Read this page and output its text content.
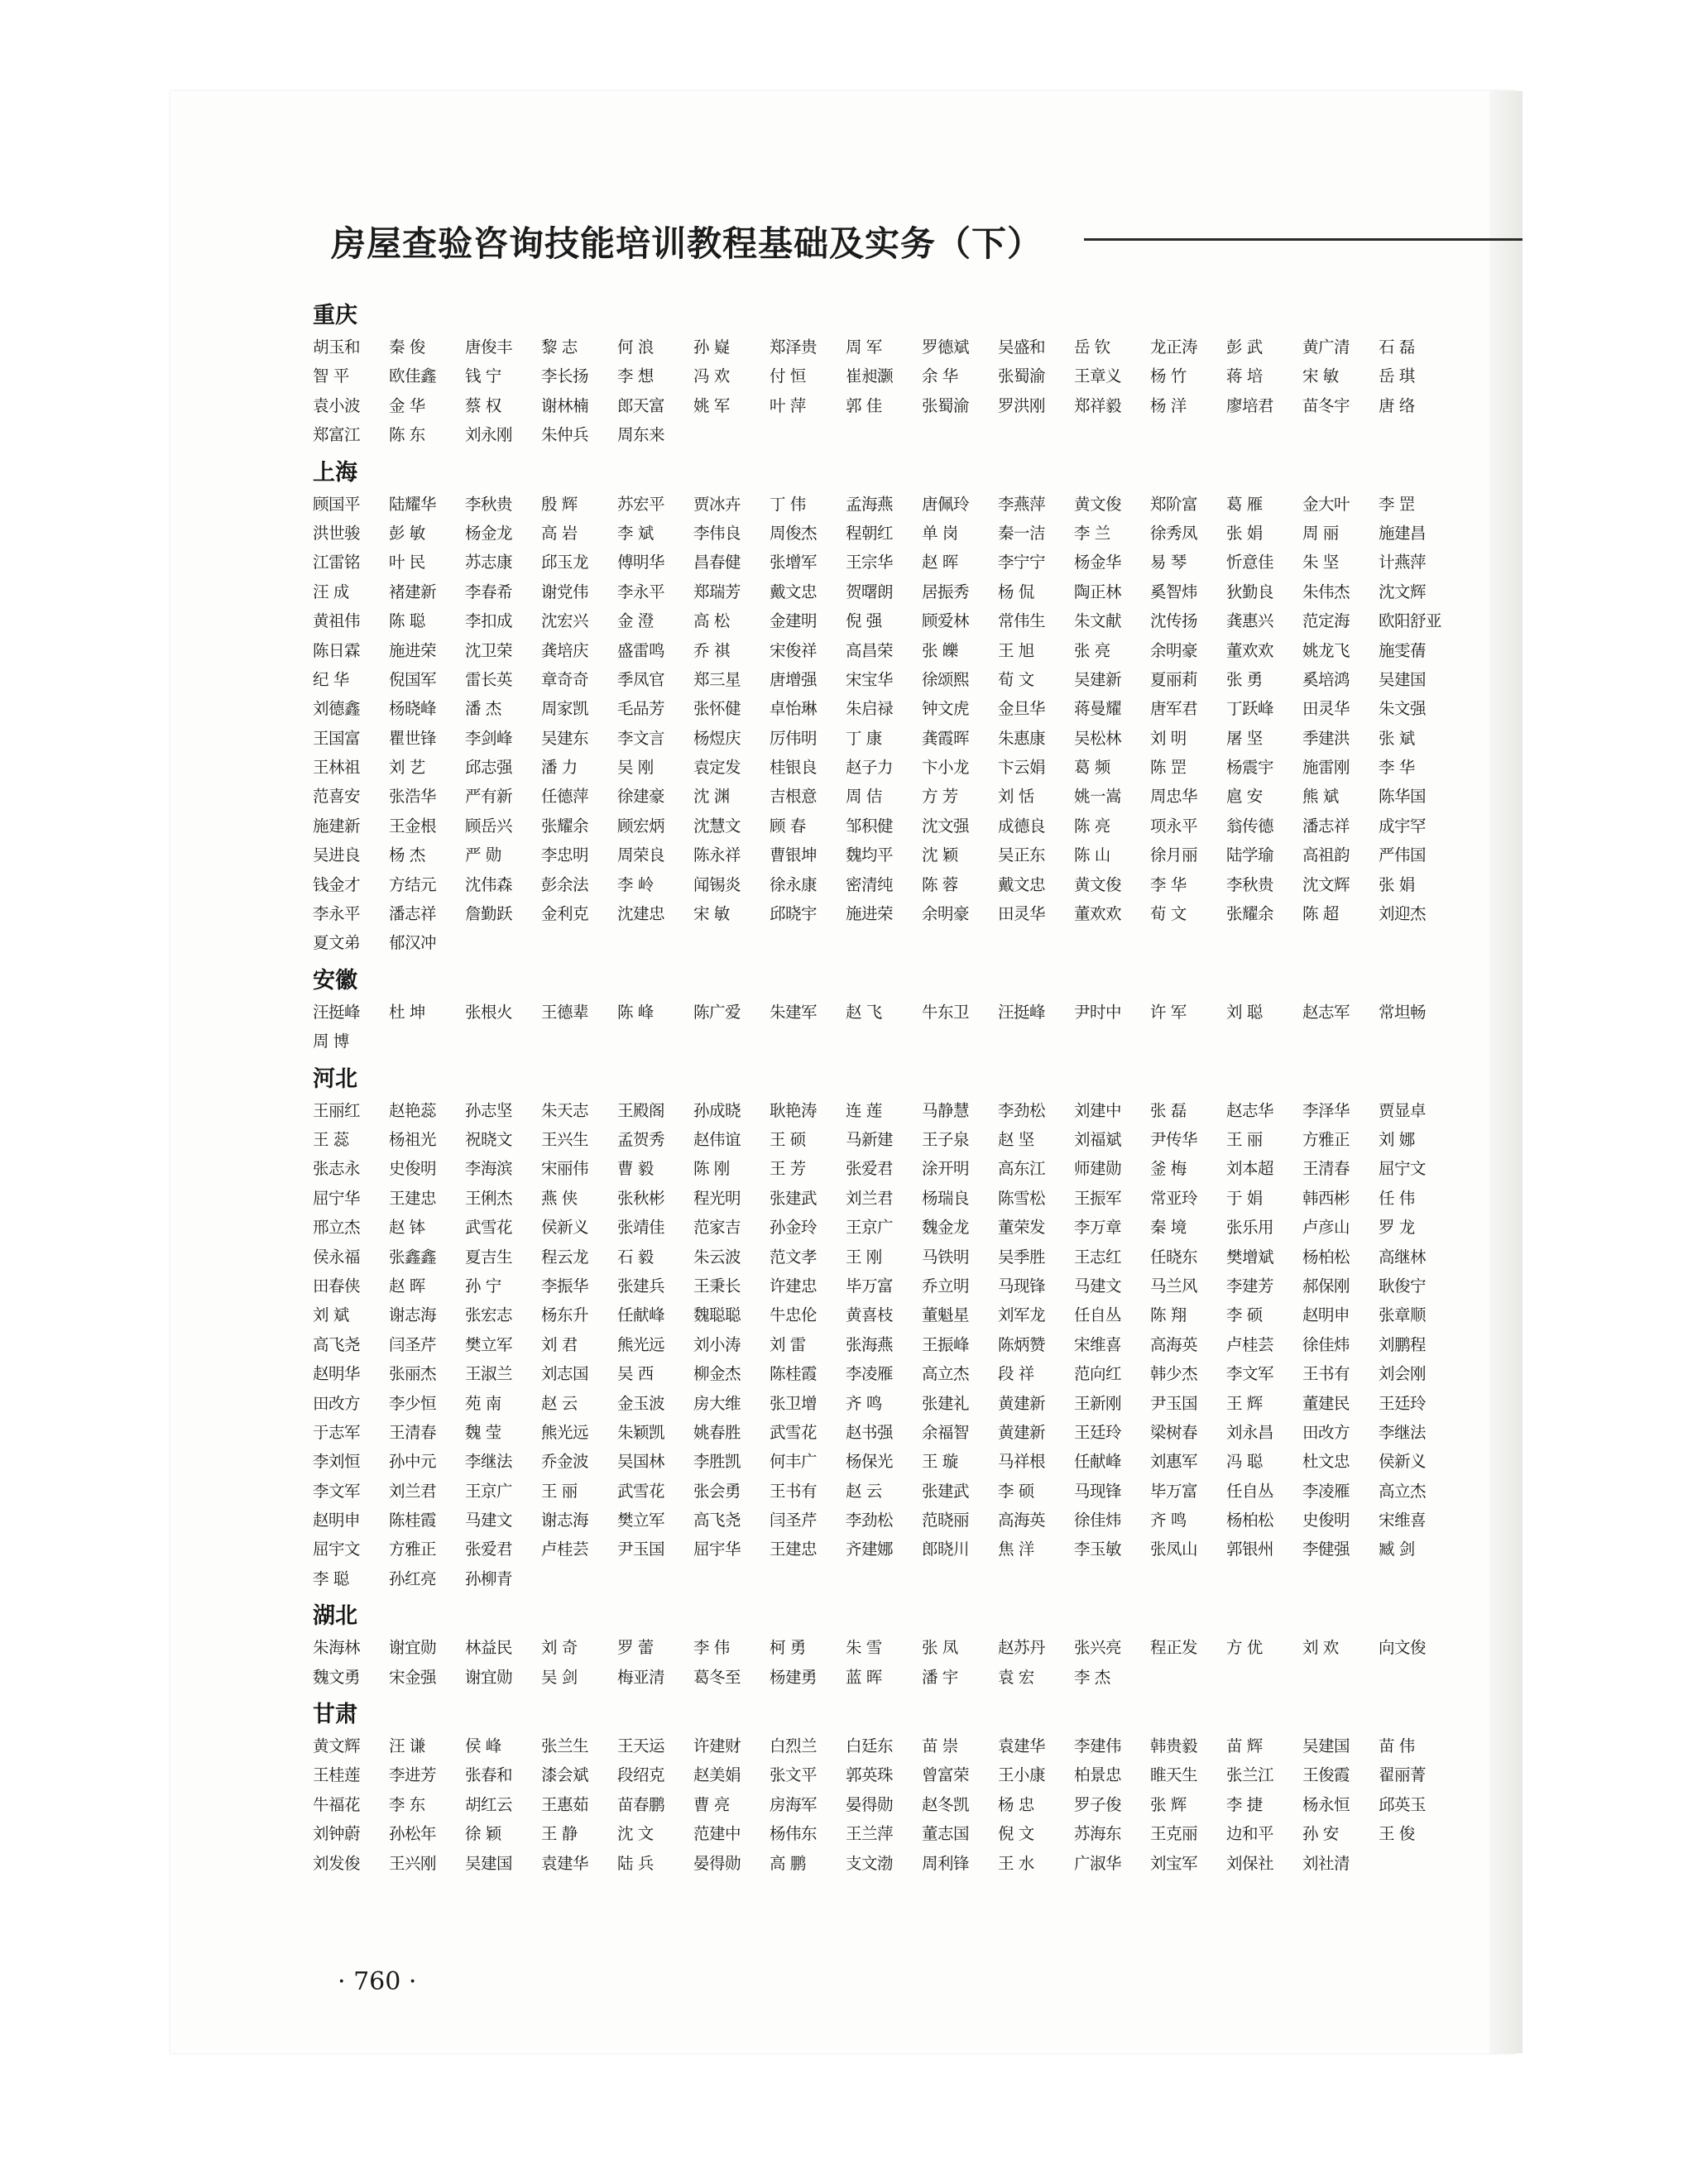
房屋查验咨询技能培训教程基础及实务（下）
重庆
胡玉和	秦 俊	唐俊丰	黎 志	何 浪	孙 嶷	郑泽贵	周 军	罗德斌	吴盛和	岳 钦	龙正涛	彭 武	黄广清	石 磊
智 平	欧佳鑫	钱 宁	李长扬	李 想	冯 欢	付 恒	崔昶灏	余 华	张蜀渝	王章义	杨 竹	蒋 培	宋 敏	岳 琪
袁小波	金 华	蔡 权	谢林楠	郎天富	姚 军	叶 萍	郭 佳	张蜀渝	罗洪刚	郑祥毅	杨 洋	廖培君	苗冬宇	唐 络
郑富江	陈 东	刘永刚	朱仲兵	周东来
上海
顾国平	陆耀华	李秋贵	殷 辉	苏宏平	贾冰卉	丁 伟	孟海燕	唐佩玲	李燕萍	黄文俊	郑阶富	葛 雁	金大叶	李 罡
洪世骏	彭 敏	杨金龙	高 岩	李 斌	李伟良	周俊杰	程朝红	单 岗	秦一洁	李 兰	徐秀凤	张 娟	周 丽	施建昌
江雷铭	叶 民	苏志康	邱玉龙	傅明华	昌春健	张增军	王宗华	赵 晖	李宁宁	杨金华	易 琴	忻意佳	朱 坚	计燕萍
汪 成	褚建新	李春希	谢党伟	李永平	郑瑞芳	戴文忠	贺曙朗	居振秀	杨 侃	陶正林	奚智炜	狄勤良	朱伟杰	沈文辉
黄祖伟	陈 聪	李扣成	沈宏兴	金 澄	高 松	金建明	倪 强	顾爱林	常伟生	朱文献	沈传扬	龚惠兴	范定海	欧阳舒亚
陈日霖	施进荣	沈卫荣	龚培庆	盛雷鸣	乔 祺	宋俊祥	高昌荣	张 皪	王 旭	张 亮	余明豪	董欢欢	姚龙飞	施雯蒨
纪 华	倪国军	雷长英	章奇奇	季凤官	郑三星	唐增强	宋宝华	徐颂熙	荀 文	吴建新	夏丽莉	张 勇	奚培鸿	吴建国
刘德鑫	杨晓峰	潘 杰	周家凯	毛品芳	张怀健	卓怡琳	朱启禄	钟文虎	金旦华	蒋曼耀	唐军君	丁跃峰	田灵华	朱文强
王国富	瞿世锋	李剑峰	吴建东	李文言	杨煜庆	厉伟明	丁 康	龚霞晖	朱惠康	吴松林	刘 明	屠 坚	季建洪	张 斌
王林祖	刘 艺	邱志强	潘 力	吴 刚	袁定发	桂银良	赵子力	卞小龙	卞云娟	葛 频	陈 罡	杨震宇	施雷刚	李 华
范喜安	张浩华	严有新	任德萍	徐建豪	沈 渊	吉根意	周 佶	方 芳	刘 恬	姚一嵩	周忠华	扈 安	熊 斌	陈华国
施建新	王金根	顾岳兴	张耀余	顾宏炳	沈慧文	顾 春	邹积健	沈文强	成德良	陈 亮	项永平	翁传德	潘志祥	成宇罕
吴进良	杨 杰	严 勋	李忠明	周荣良	陈永祥	曹银坤	魏均平	沈 颖	吴正东	陈 山	徐月丽	陆学瑜	高祖韵	严伟国
钱金才	方结元	沈伟森	彭余法	李 岭	闻锡炎	徐永康	密清纯	陈 蓉	戴文忠	黄文俊	李 华	李秋贵	沈文辉	张 娟
李永平	潘志祥	詹勤跃	金利克	沈建忠	宋 敏	邱晓宇	施进荣	余明豪	田灵华	董欢欢	荀 文	张耀余	陈 超	刘迎杰
夏文弟	郁汉冲
安徽
汪挺峰	杜 坤	张根火	王德辈	陈 峰	陈广爱	朱建军	赵 飞	牛东卫	汪挺峰	尹时中	许 军	刘 聪	赵志军	常坦畅
周 博
河北
王丽红	赵艳蕊	孙志坚	朱天志	王殿阁	孙成晓	耿艳涛	连 莲	马静慧	李劲松	刘建中	张 磊	赵志华	李泽华	贾显卓
王 蕊	杨祖光	祝晓文	王兴生	孟贺秀	赵伟谊	王 硕	马新建	王子泉	赵 坚	刘福斌	尹传华	王 丽	方雅正	刘 娜
张志永	史俊明	李海滨	宋丽伟	曹 毅	陈 刚	王 芳	张爱君	涂开明	高东江	师建勋	釜 梅	刘本超	王清春	屈宁文
屈宁华	王建忠	王俐杰	燕 侠	张秋彬	程光明	张建武	刘兰君	杨瑞良	陈雪松	王振军	常亚玲	于 娟	韩西彬	任 伟
邢立杰	赵 钵	武雪花	侯新义	张靖佳	范家吉	孙金玲	王京广	魏金龙	董荣发	李万章	秦 境	张乐用	卢彦山	罗 龙
侯永福	张鑫鑫	夏吉生	程云龙	石 毅	朱云波	范文孝	王 刚	马铁明	吴季胜	王志红	任晓东	樊增斌	杨柏松	高继林
田春侠	赵 晖	孙 宁	李振华	张建兵	王秉长	许建忠	毕万富	乔立明	马现锋	马建文	马兰风	李建芳	郝保刚	耿俊宁
刘 斌	谢志海	张宏志	杨东升	任献峰	魏聪聪	牛忠伦	黄喜枝	董魁星	刘军龙	任自丛	陈 翔	李 硕	赵明申	张章顺
高飞尧	闫圣芹	樊立军	刘 君	熊光远	刘小涛	刘 雷	张海燕	王振峰	陈炳赞	宋维喜	高海英	卢桂芸	徐佳炜	刘鹏程
赵明华	张丽杰	王淑兰	刘志国	吴 西	柳金杰	陈桂霞	李凌雁	高立杰	段 祥	范向红	韩少杰	李文军	王书有	刘会刚
田改方	李少恒	苑 南	赵 云	金玉波	房大维	张卫增	齐 鸣	张建礼	黄建新	王新刚	尹玉国	王 辉	董建民	王廷玲
于志军	王清春	魏 莹	熊光远	朱颖凯	姚春胜	武雪花	赵书强	余福智	黄建新	王廷玲	梁树春	刘永昌	田改方	李继法
李刘恒	孙中元	李继法	乔金波	吴国林	李胜凯	何丰广	杨保光	王 璇	马祥根	任献峰	刘惠军	冯 聪	杜文忠	侯新义
李文军	刘兰君	王京广	王 丽	武雪花	张会勇	王书有	赵 云	张建武	李 硕	马现锋	毕万富	任自丛	李凌雁	高立杰
赵明申	陈桂霞	马建文	谢志海	樊立军	高飞尧	闫圣芹	李劲松	范晓丽	高海英	徐佳炜	齐 鸣	杨柏松	史俊明	宋维喜
屈宇文	方雅正	张爱君	卢桂芸	尹玉国	屈宇华	王建忠	齐建娜	郎晓川	焦 洋	李玉敏	张凤山	郭银州	李健强	臧 剑
李 聪	孙红亮	孙柳青
湖北
朱海林	谢宜勋	林益民	刘 奇	罗 蕾	李 伟	柯 勇	朱 雪	张 凤	赵苏丹	张兴亮	程正发	方 优	刘 欢	向文俊
魏文勇	宋金强	谢宜勋	吴 剑	梅亚清	葛冬至	杨建勇	蓝 晖	潘 宇	袁 宏	李 杰
甘肃
黄文辉	汪 谦	侯 峰	张兰生	王天运	许建财	白烈兰	白廷东	苗 崇	袁建华	李建伟	韩贵毅	苗 辉	吴建国	苗 伟
王桂莲	李进芳	张春和	漆会斌	段绍克	赵美娟	张文平	郭英珠	曾富荣	王小康	柏景忠	睢天生	张兰江	王俊霞	翟丽菁
牛福花	李 东	胡红云	王惠茹	苗春鹏	曹 亮	房海军	晏得勋	赵冬凯	杨 忠	罗子俊	张 辉	李 捷	杨永恒	邱英玉
刘钟蔚	孙松年	徐 颖	王 静	沈 文	范建中	杨伟东	王兰萍	董志国	倪 文	苏海东	王克丽	边和平	孙 安	王 俊
刘发俊	王兴刚	吴建国	袁建华	陆 兵	晏得勋	高 鹏	支文渤	周利锋	王 水	广淑华	刘宝军	刘保社	刘社清
· 760 ·
